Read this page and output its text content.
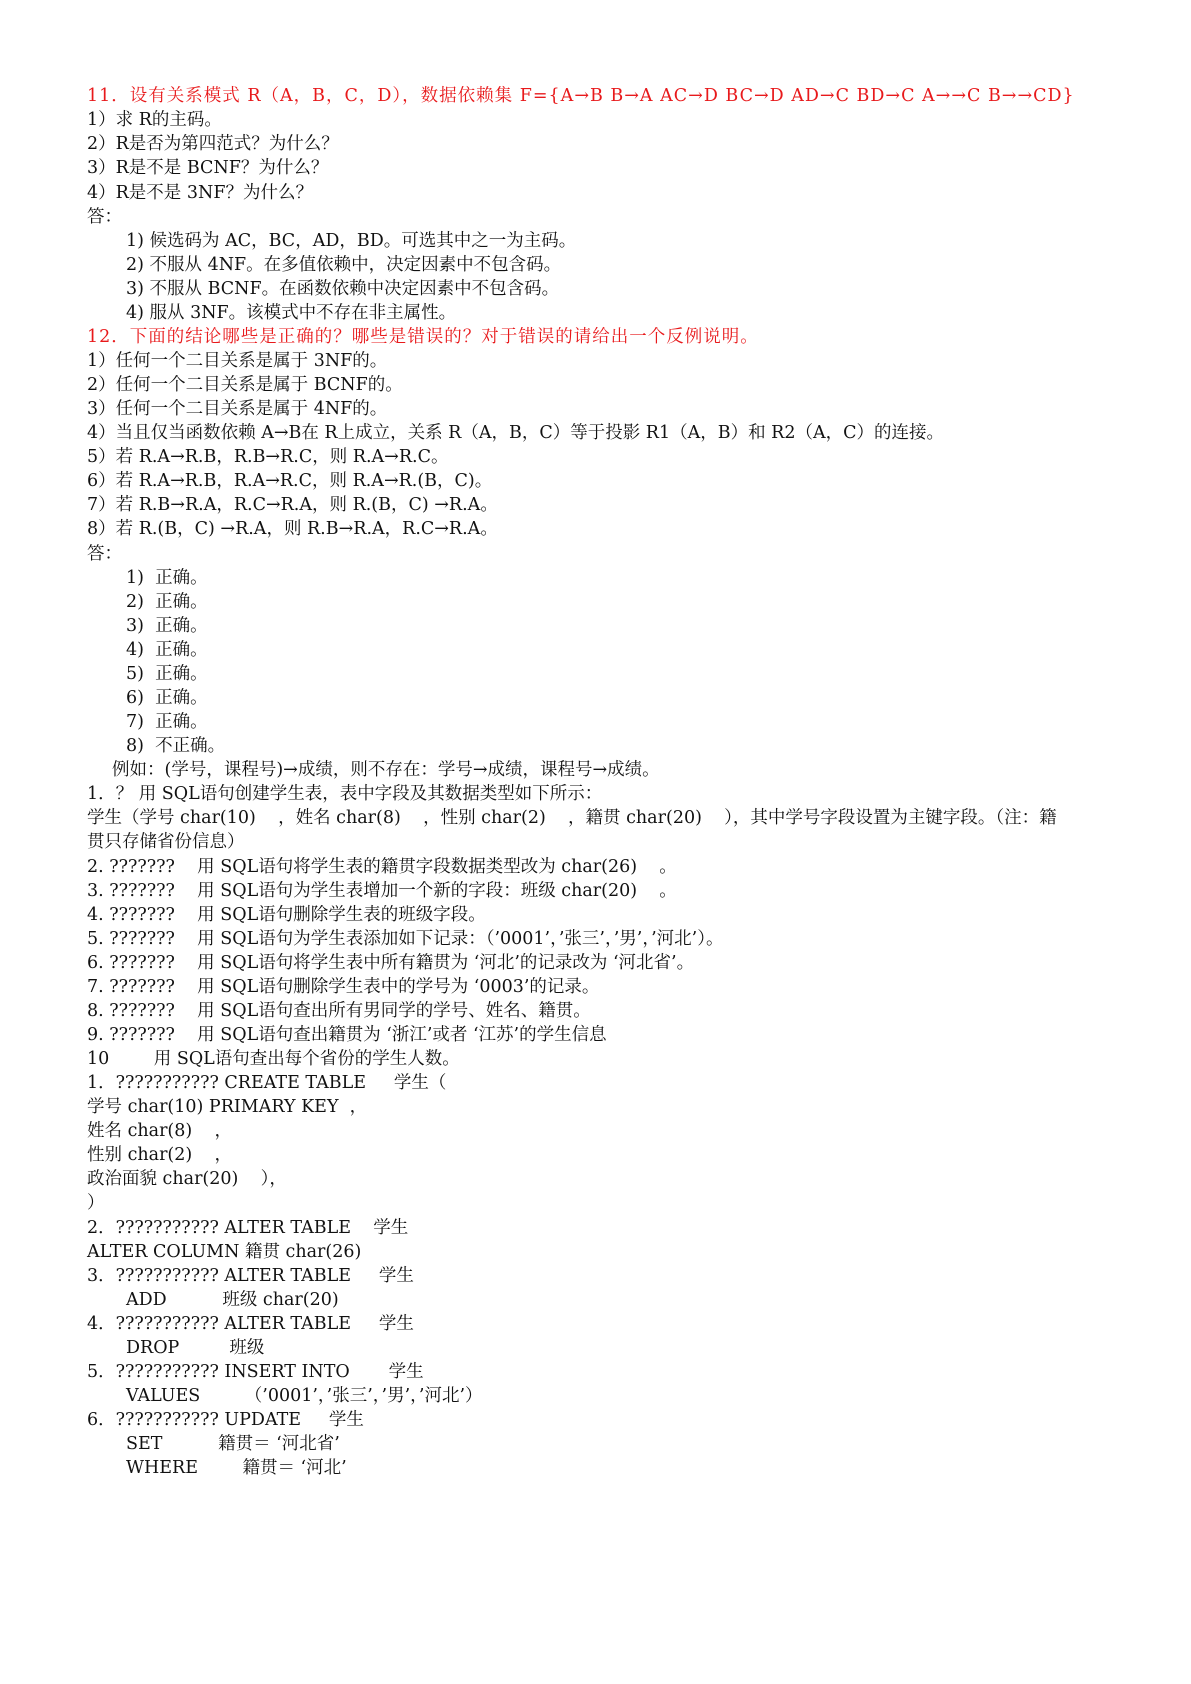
11．设有关系模式 R（A，B，C，D），数据依赖集 F={A→B B→A AC→D BC→D AD→C BD→C A→→C B→→CD}
1）求 R的主码。
2）R是否为第四范式？为什么？
3）R是不是 BCNF？为什么？
4）R是不是 3NF？为什么？
答：
1) 候选码为 AC，BC，AD，BD。可选其中之一为主码。
2) 不服从 4NF。在多值依赖中，决定因素中不包含码。
3) 不服从 BCNF。在函数依赖中决定因素中不包含码。
4) 服从 3NF。该模式中不存在非主属性。
12．下面的结论哪些是正确的？哪些是错误的？对于错误的请给出一个反例说明。
1）任何一个二目关系是属于 3NF的。
2）任何一个二目关系是属于 BCNF的。
3）任何一个二目关系是属于 4NF的。
4）当且仅当函数依赖 A→B在 R上成立，关系 R（A，B，C）等于投影 R1（A，B）和 R2（A，C）的连接。
5）若 R.A→R.B，R.B→R.C，则 R.A→R.C。
6）若 R.A→R.B，R.A→R.C，则 R.A→R.(B，C)。
7）若 R.B→R.A，R.C→R.A，则 R.(B，C) →R.A。
8）若 R.(B，C) →R.A，则 R.B→R.A，R.C→R.A。
答：
1)  正确。
2)  正确。
3)  正确。
4)  正确。
5)  正确。
6)  正确。
7)  正确。
8)  不正确。
例如：(学号，课程号)→成绩，则不存在：学号→成绩，课程号→成绩。
1．？ 用 SQL语句创建学生表，表中字段及其数据类型如下所示：
学生（学号 char(10)    ，姓名 char(8)    ，性别 char(2)    ，籍贯 char(20)    ），其中学号字段设置为主键字段。（注：籍
贯只存储省份信息）
2. ???????    用 SQL语句将学生表的籍贯字段数据类型改为 char(26)    。
3. ???????    用 SQL语句为学生表增加一个新的字段：班级 char(20)    。
4. ???????    用 SQL语句删除学生表的班级字段。
5. ???????    用 SQL语句为学生表添加如下记录：（’0001’，’张三’，’男’，’河北’）。
6. ???????    用 SQL语句将学生表中所有籍贯为 ‘河北’的记录改为 ‘河北省’。
7. ???????    用 SQL语句删除学生表中的学号为 ‘0003’的记录。
8. ???????    用 SQL语句查出所有男同学的学号、姓名、籍贯。
9. ???????    用 SQL语句查出籍贯为 ‘浙江’或者 ‘江苏’的学生信息
10        用 SQL语句查出每个省份的学生人数。
1．??????????? CREATE TABLE     学生（
学号 char(10) PRIMARY KEY  ，
姓名 char(8)    ，
性别 char(2)    ，
政治面貌 char(20)    ），
）
2．??????????? ALTER TABLE    学生
ALTER COLUMN 籍贯 char(26)
3．??????????? ALTER TABLE     学生
ADD          班级 char(20)
4．??????????? ALTER TABLE     学生
DROP         班级
5．??????????? INSERT INTO       学生
VALUES        （’0001’，’张三’，’男’，’河北’）
6．??????????? UPDATE     学生
SET          籍贯＝ ‘河北省’
WHERE        籍贯＝ ‘河北’
